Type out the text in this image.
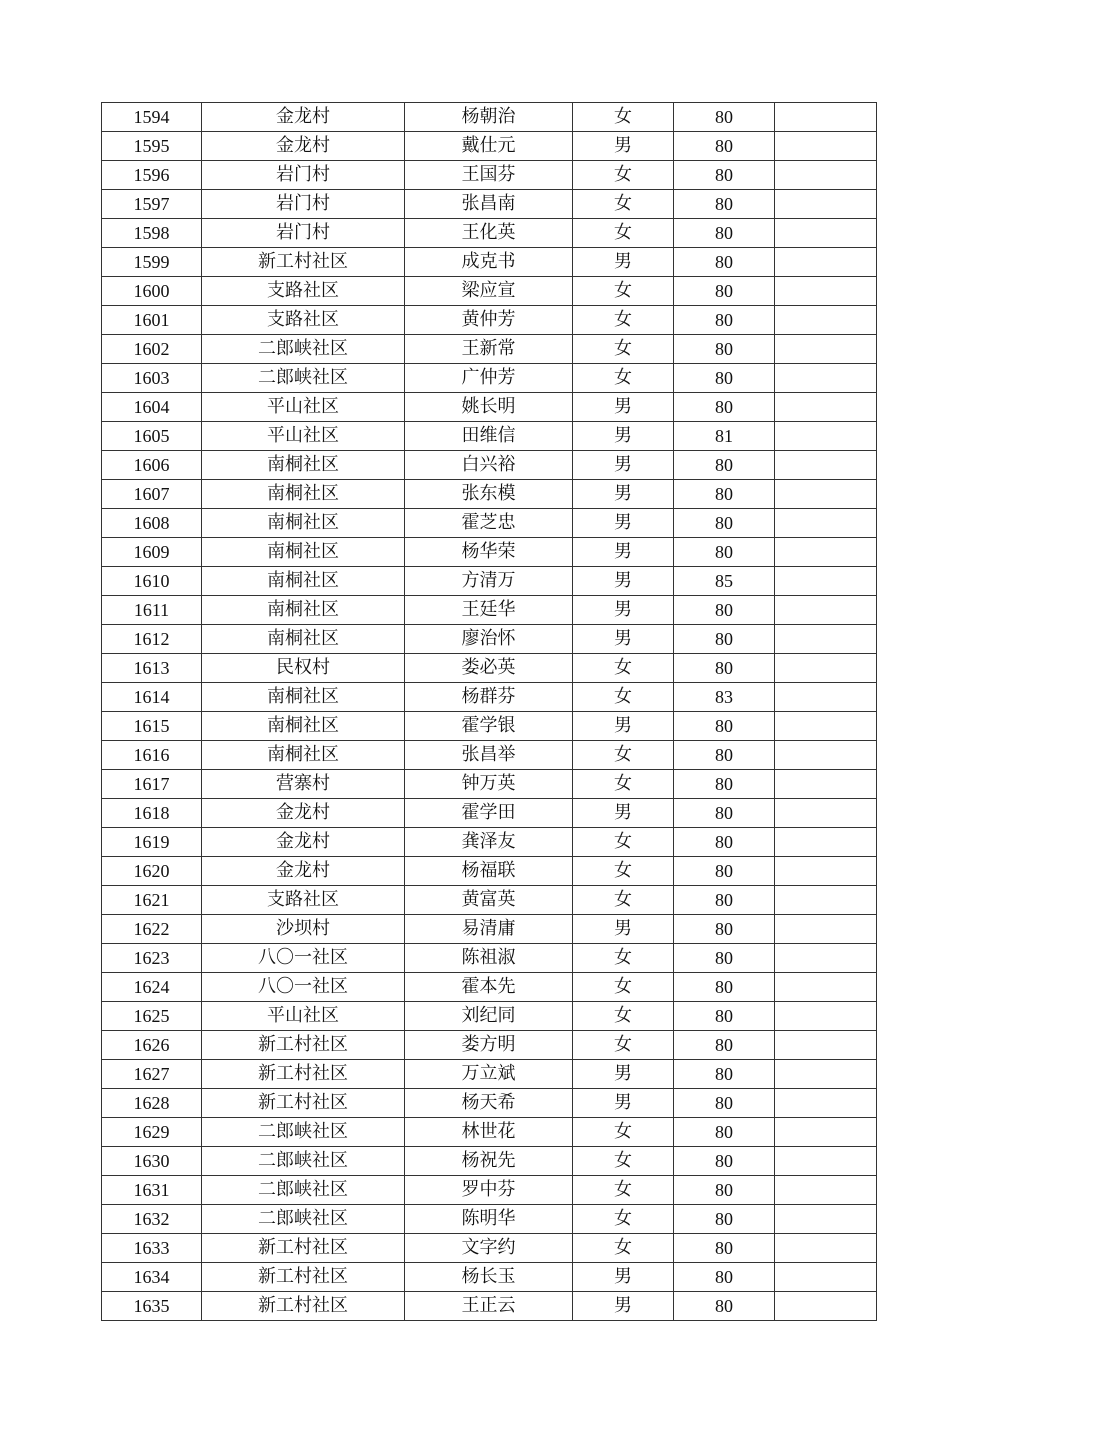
1594	金龙村	杨朝治	女	80	
1595	金龙村	戴仕元	男	80	
1596	岩门村	王国芬	女	80	
1597	岩门村	张昌南	女	80	
1598	岩门村	王化英	女	80	
1599	新工村社区	成克书	男	80	
1600	支路社区	梁应宣	女	80	
1601	支路社区	黄仲芳	女	80	
1602	二郎峡社区	王新常	女	80	
1603	二郎峡社区	广仲芳	女	80	
1604	平山社区	姚长明	男	80	
1605	平山社区	田维信	男	81	
1606	南桐社区	白兴裕	男	80	
1607	南桐社区	张东模	男	80	
1608	南桐社区	霍芝忠	男	80	
1609	南桐社区	杨华荣	男	80	
1610	南桐社区	方清万	男	85	
1611	南桐社区	王廷华	男	80	
1612	南桐社区	廖治怀	男	80	
1613	民权村	娄必英	女	80	
1614	南桐社区	杨群芬	女	83	
1615	南桐社区	霍学银	男	80	
1616	南桐社区	张昌举	女	80	
1617	营寨村	钟万英	女	80	
1618	金龙村	霍学田	男	80	
1619	金龙村	龚泽友	女	80	
1620	金龙村	杨福联	女	80	
1621	支路社区	黄富英	女	80	
1622	沙坝村	易清庸	男	80	
1623	八〇一社区	陈祖淑	女	80	
1624	八〇一社区	霍本先	女	80	
1625	平山社区	刘纪同	女	80	
1626	新工村社区	娄方明	女	80	
1627	新工村社区	万立斌	男	80	
1628	新工村社区	杨天希	男	80	
1629	二郎峡社区	林世花	女	80	
1630	二郎峡社区	杨祝先	女	80	
1631	二郎峡社区	罗中芬	女	80	
1632	二郎峡社区	陈明华	女	80	
1633	新工村社区	文字约	女	80	
1634	新工村社区	杨长玉	男	80	
1635	新工村社区	王正云	男	80	
